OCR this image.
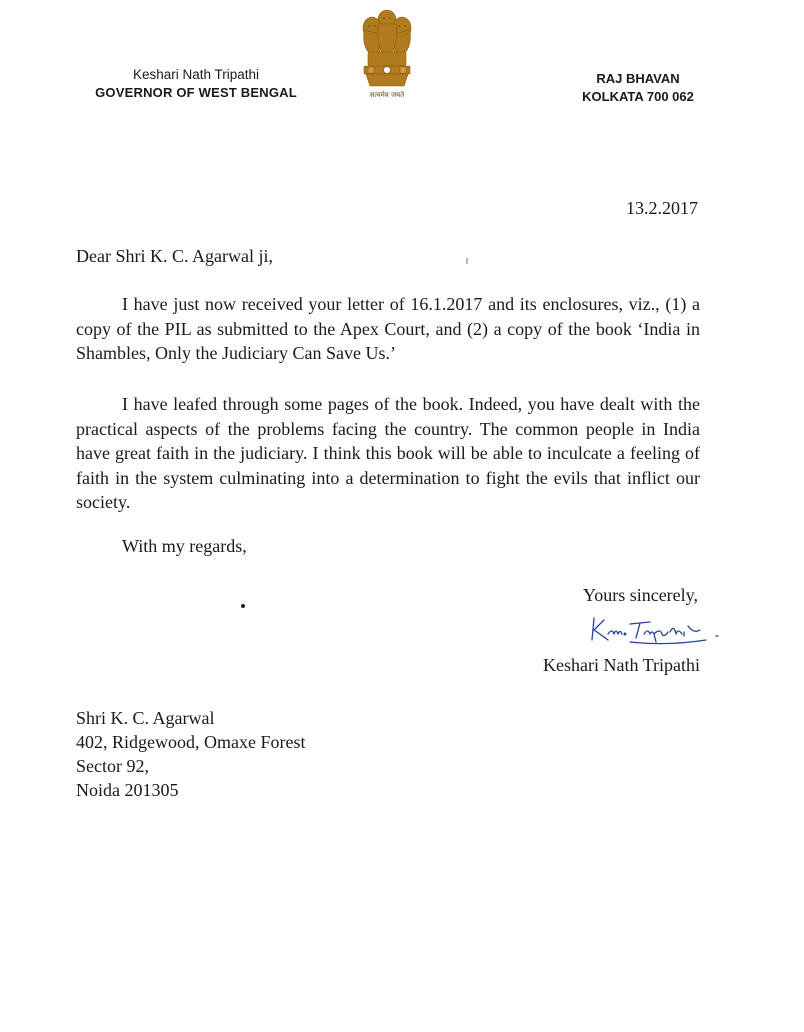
Keshari Nath Tripathi
GOVERNOR OF WEST BENGAL	सत्यमेव जयते
RAJ BHAVAN
KOLKATA 700 062
13.2.2017
Dear Shri K. C. Agarwal ji,

I have just now received your letter of 16.1.2017 and its enclosures, viz., (1) a copy of the PIL as submitted to the Apex Court, and (2) a copy of the book ‘India in Shambles, Only the Judiciary Can Save Us.’

I have leafed through some pages of the book. Indeed, you have dealt with the practical aspects of the problems facing the country. The common people in India have great faith in the judiciary. I think this book will be able to inculcate a feeling of faith in the system culminating into a determination to fight the evils that inflict our society.

With my regards,
Yours sincerely,
Keshari Nath Tripathi
Shri K. C. Agarwal
402, Ridgewood, Omaxe Forest
Sector 92,
Noida 201305
